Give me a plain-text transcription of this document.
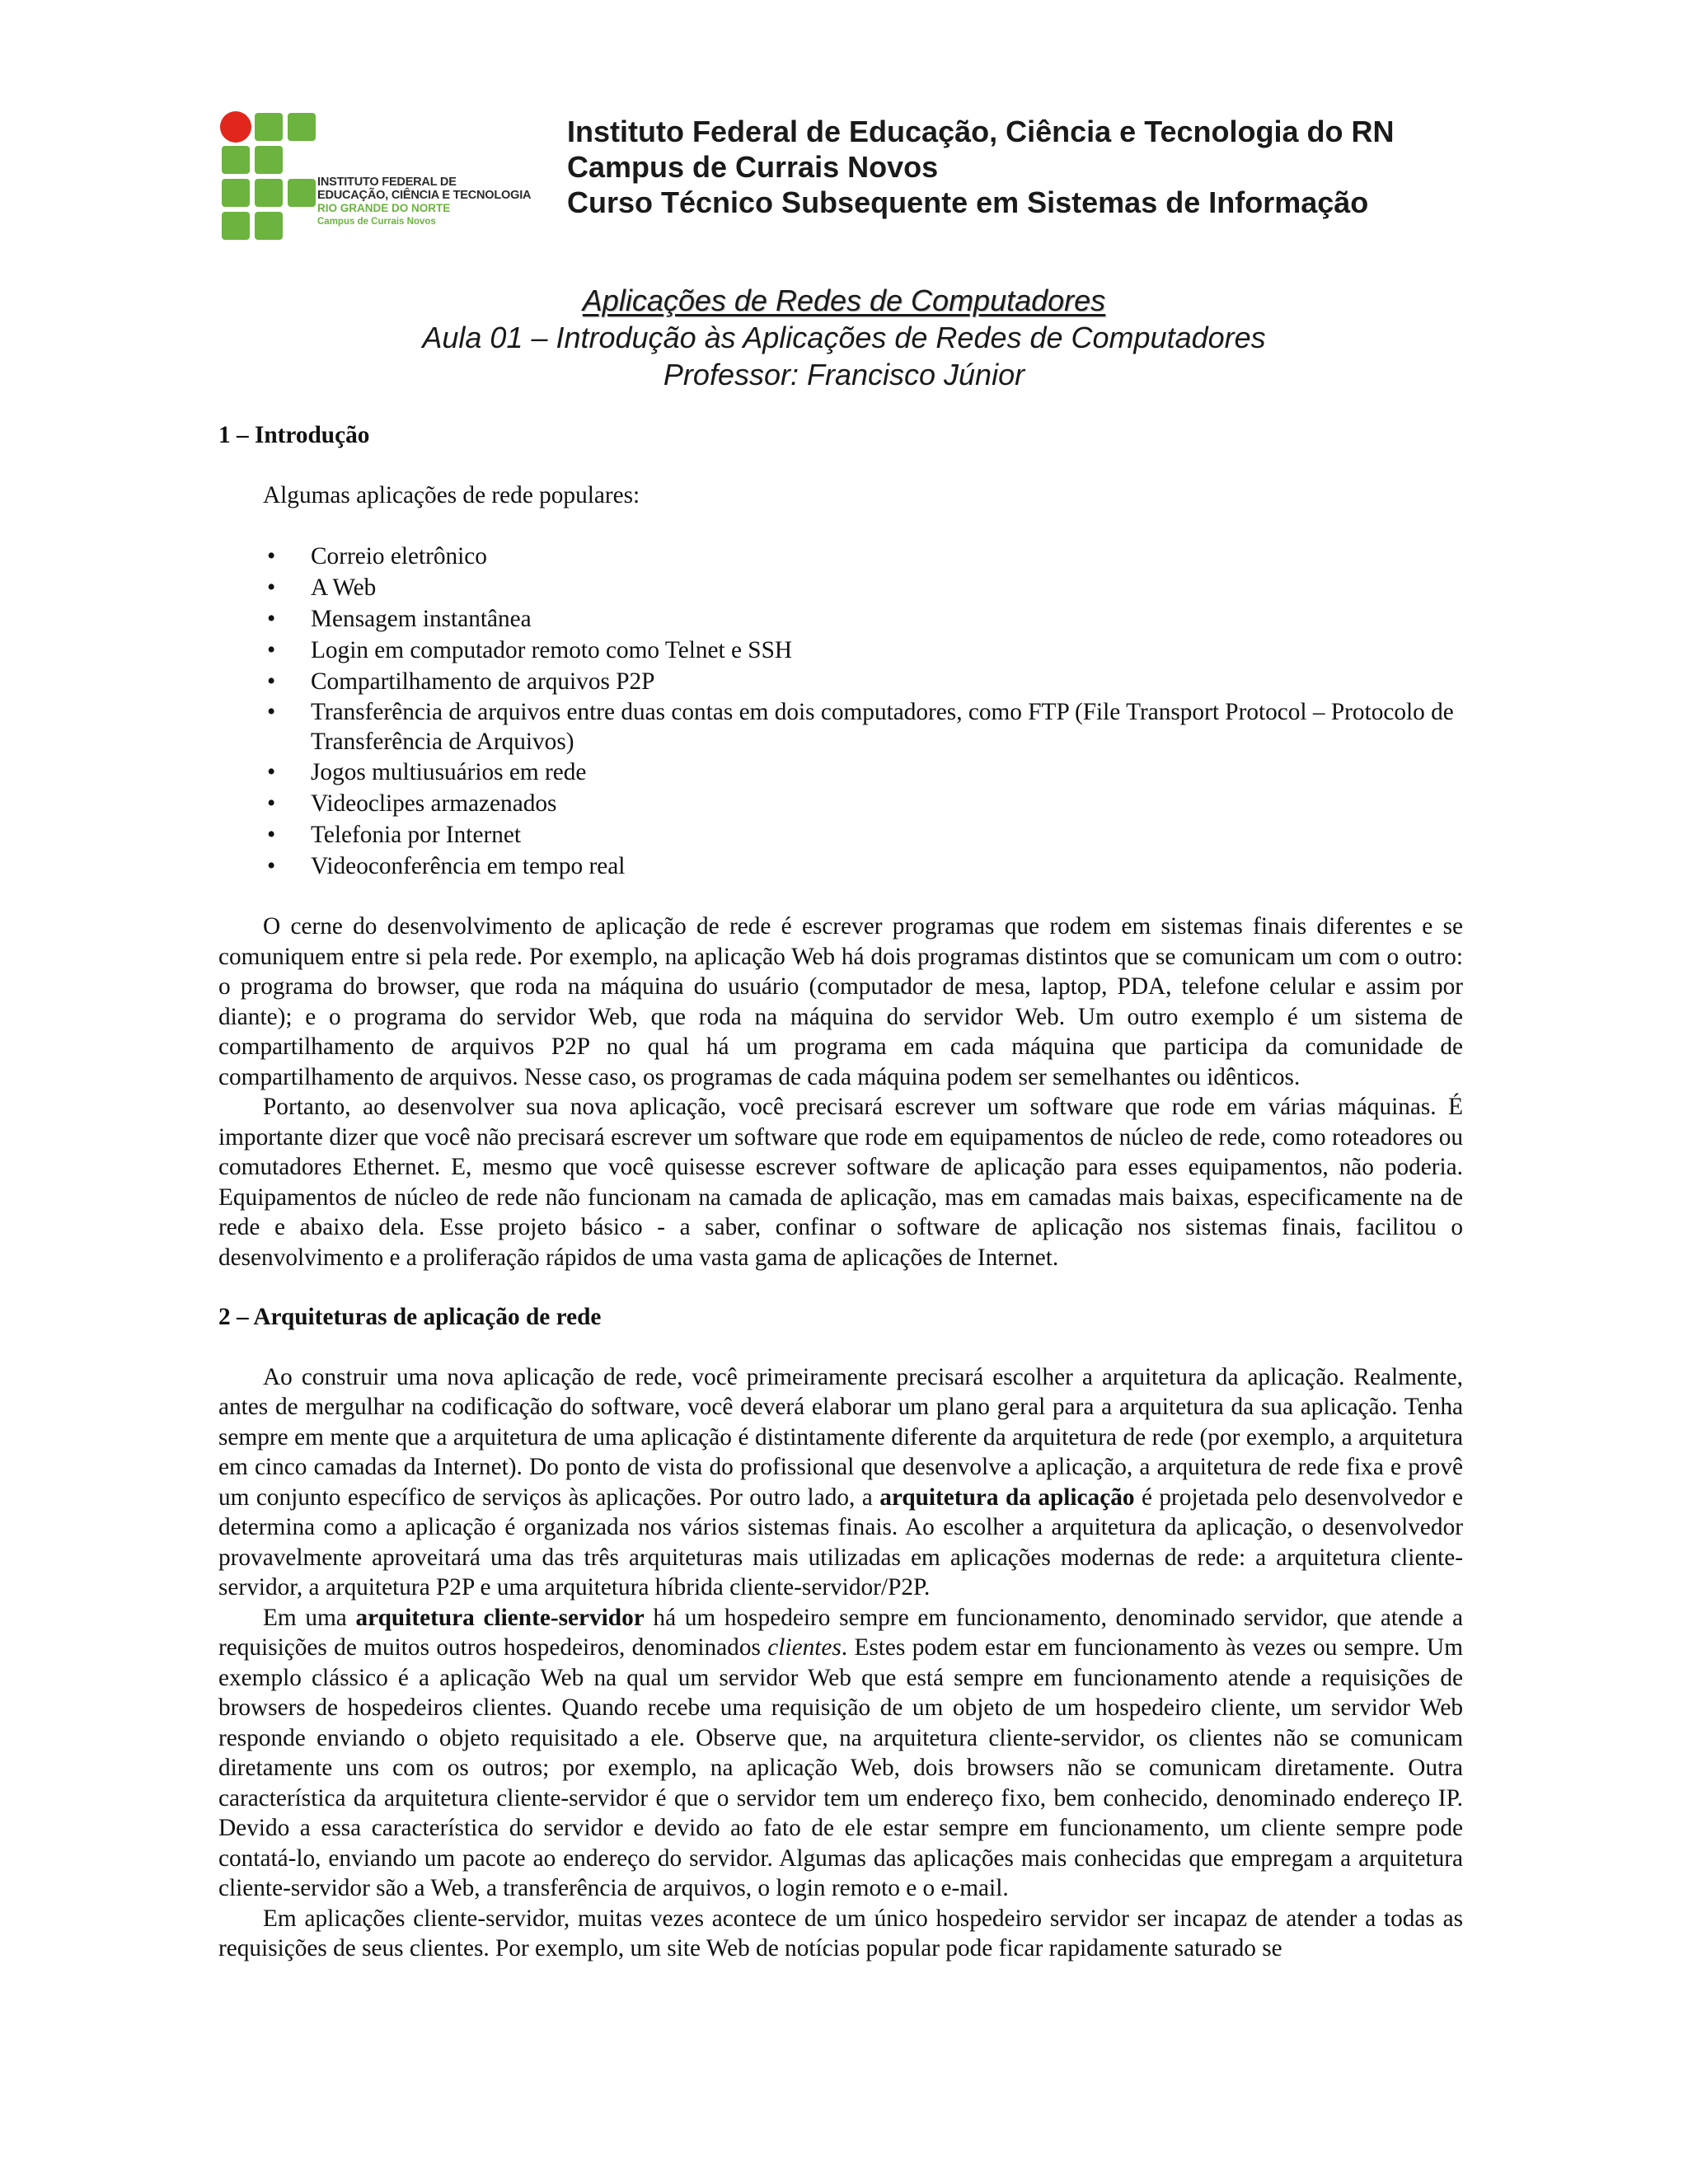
INSTITUTO FEDERAL DE
EDUCAÇÃO, CIÊNCIA E TECNOLOGIA
RIO GRANDE DO NORTE
Campus de Currais Novos
Instituto Federal de Educação, Ciência e Tecnologia do RN
Campus de Currais Novos
Curso Técnico Subsequente em Sistemas de Informação
Aplicações de Redes de Computadores
Aula 01 – Introdução às Aplicações de Redes de Computadores
Professor: Francisco Júnior
1 – Introdução

Algumas aplicações de rede populares:

• Correio eletrônico
• A Web
• Mensagem instantânea
• Login em computador remoto como Telnet e SSH
• Compartilhamento de arquivos P2P
• Transferência de arquivos entre duas contas em dois computadores, como FTP (File Transport Protocol – Protocolo de Transferência de Arquivos)
• Jogos multiusuários em rede
• Videoclipes armazenados
• Telefonia por Internet
• Videoconferência em tempo real

O cerne do desenvolvimento de aplicação de rede é escrever programas que rodem em sistemas finais diferentes e se comuniquem entre si pela rede. Por exemplo, na aplicação Web há dois programas distintos que se comunicam um com o outro: o programa do browser, que roda na máquina do usuário (computador de mesa, laptop, PDA, telefone celular e assim por diante); e o programa do servidor Web, que roda na máquina do servidor Web. Um outro exemplo é um sistema de compartilhamento de arquivos P2P no qual há um programa em cada máquina que participa da comunidade de compartilhamento de arquivos. Nesse caso, os programas de cada máquina podem ser semelhantes ou idênticos.

Portanto, ao desenvolver sua nova aplicação, você precisará escrever um software que rode em várias máquinas. É importante dizer que você não precisará escrever um software que rode em equipamentos de núcleo de rede, como roteadores ou comutadores Ethernet. E, mesmo que você quisesse escrever software de aplicação para esses equipamentos, não poderia. Equipamentos de núcleo de rede não funcionam na camada de aplicação, mas em camadas mais baixas, especificamente na de rede e abaixo dela. Esse projeto básico - a saber, confinar o software de aplicação nos sistemas finais, facilitou o desenvolvimento e a proliferação rápidos de uma vasta gama de aplicações de Internet.

2 – Arquiteturas de aplicação de rede

Ao construir uma nova aplicação de rede, você primeiramente precisará escolher a arquitetura da aplicação. Realmente, antes de mergulhar na codificação do software, você deverá elaborar um plano geral para a arquitetura da sua aplicação. Tenha sempre em mente que a arquitetura de uma aplicação é distintamente diferente da arquitetura de rede (por exemplo, a arquitetura em cinco camadas da Internet). Do ponto de vista do profissional que desenvolve a aplicação, a arquitetura de rede fixa e provê um conjunto específico de serviços às aplicações. Por outro lado, a arquitetura da aplicação é projetada pelo desenvolvedor e determina como a aplicação é organizada nos vários sistemas finais. Ao escolher a arquitetura da aplicação, o desenvolvedor provavelmente aproveitará uma das três arquiteturas mais utilizadas em aplicações modernas de rede: a arquitetura cliente-servidor, a arquitetura P2P e uma arquitetura híbrida cliente-servidor/P2P.

Em uma arquitetura cliente-servidor há um hospedeiro sempre em funcionamento, denominado servidor, que atende a requisições de muitos outros hospedeiros, denominados clientes. Estes podem estar em funcionamento às vezes ou sempre. Um exemplo clássico é a aplicação Web na qual um servidor Web que está sempre em funcionamento atende a requisições de browsers de hospedeiros clientes. Quando recebe uma requisição de um objeto de um hospedeiro cliente, um servidor Web responde enviando o objeto requisitado a ele. Observe que, na arquitetura cliente-servidor, os clientes não se comunicam diretamente uns com os outros; por exemplo, na aplicação Web, dois browsers não se comunicam diretamente. Outra característica da arquitetura cliente-servidor é que o servidor tem um endereço fixo, bem conhecido, denominado endereço IP. Devido a essa característica do servidor e devido ao fato de ele estar sempre em funcionamento, um cliente sempre pode contatá-lo, enviando um pacote ao endereço do servidor. Algumas das aplicações mais conhecidas que empregam a arquitetura cliente-servidor são a Web, a transferência de arquivos, o login remoto e o e-mail.

Em aplicações cliente-servidor, muitas vezes acontece de um único hospedeiro servidor ser incapaz de atender a todas as requisições de seus clientes. Por exemplo, um site Web de notícias popular pode ficar rapidamente saturado se
